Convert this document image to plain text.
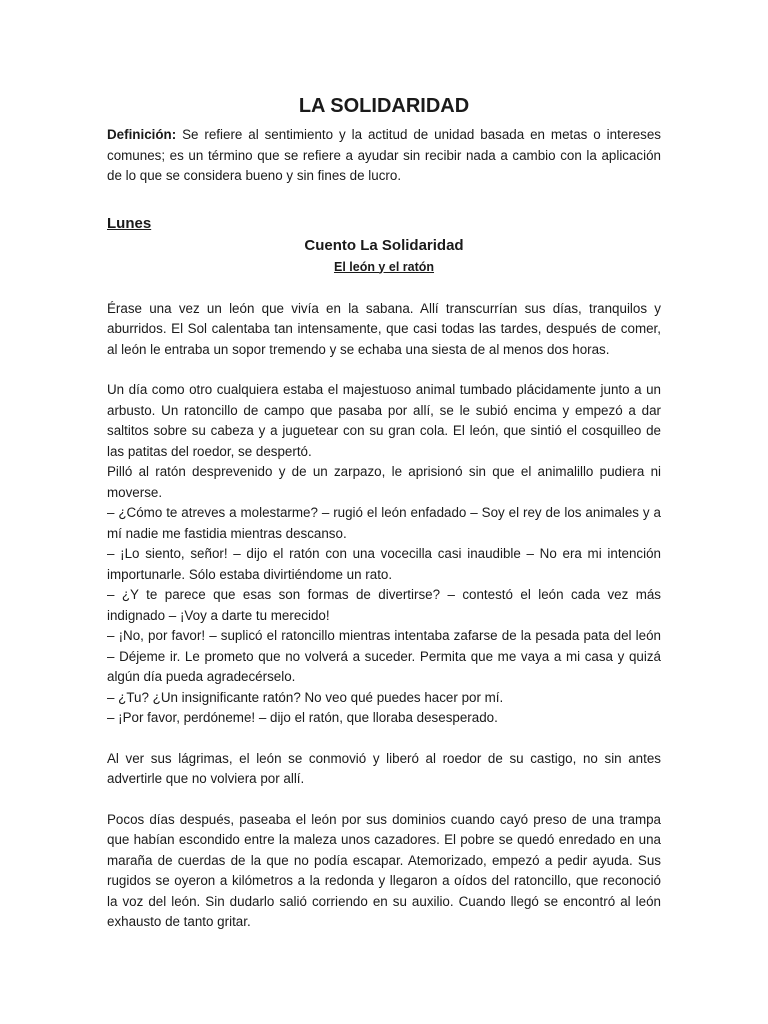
LA SOLIDARIDAD

Definición: Se refiere al sentimiento y la actitud de unidad basada en metas o intereses comunes; es un término que se refiere a ayudar sin recibir nada a cambio con la aplicación de lo que se considera bueno y sin fines de lucro.

Lunes
Cuento La Solidaridad
El león y el ratón

Érase una vez un león que vivía en la sabana. Allí transcurrían sus días, tranquilos y aburridos. El Sol calentaba tan intensamente, que casi todas las tardes, después de comer, al león le entraba un sopor tremendo y se echaba una siesta de al menos dos horas.

Un día como otro cualquiera estaba el majestuoso animal tumbado plácidamente junto a un arbusto. Un ratoncillo de campo que pasaba por allí, se le subió encima y empezó a dar saltitos sobre su cabeza y a juguetear con su gran cola. El león, que sintió el cosquilleo de las patitas del roedor, se despertó.

Pilló al ratón desprevenido y de un zarpazo, le aprisionó sin que el animalillo pudiera ni moverse.

– ¿Cómo te atreves a molestarme? – rugió el león enfadado – Soy el rey de los animales y a mí nadie me fastidia mientras descanso.

– ¡Lo siento, señor! – dijo el ratón con una vocecilla casi inaudible – No era mi intención importunarle. Sólo estaba divirtiéndome un rato.

– ¿Y te parece que esas son formas de divertirse? – contestó el león cada vez más indignado – ¡Voy a darte tu merecido!

– ¡No, por favor! – suplicó el ratoncillo mientras intentaba zafarse de la pesada pata del león – Déjeme ir. Le prometo que no volverá a suceder. Permita que me vaya a mi casa y quizá algún día pueda agradecérselo.

– ¿Tu? ¿Un insignificante ratón? No veo qué puedes hacer por mí.

– ¡Por favor, perdóneme! – dijo el ratón, que lloraba desesperado.

Al ver sus lágrimas, el león se conmovió y liberó al roedor de su castigo, no sin antes advertirle que no volviera por allí.

Pocos días después, paseaba el león por sus dominios cuando cayó preso de una trampa que habían escondido entre la maleza unos cazadores. El pobre se quedó enredado en una maraña de cuerdas de la que no podía escapar. Atemorizado, empezó a pedir ayuda. Sus rugidos se oyeron a kilómetros a la redonda y llegaron a oídos del ratoncillo, que reconoció la voz del león. Sin dudarlo salió corriendo en su auxilio. Cuando llegó se encontró al león exhausto de tanto gritar.
